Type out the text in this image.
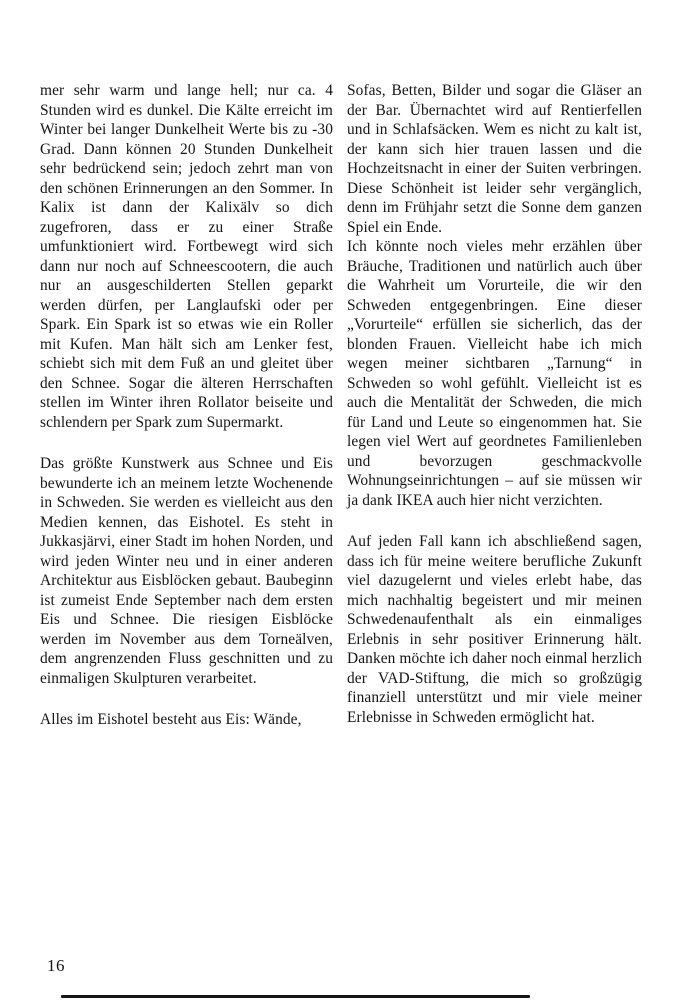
mer sehr warm und lange hell; nur ca. 4 Stunden wird es dunkel. Die Kälte erreicht im Winter bei langer Dunkelheit Werte bis zu -30 Grad. Dann können 20 Stunden Dunkelheit sehr bedrückend sein; jedoch zehrt man von den schönen Erinnerungen an den Sommer. In Kalix ist dann der Kalixälv so dich zugefroren, dass er zu einer Straße umfunktioniert wird. Fortbewegt wird sich dann nur noch auf Schneescootern, die auch nur an ausgeschilderten Stellen geparkt werden dürfen, per Langlaufski oder per Spark. Ein Spark ist so etwas wie ein Roller mit Kufen. Man hält sich am Lenker fest, schiebt sich mit dem Fuß an und gleitet über den Schnee. Sogar die älteren Herrschaften stellen im Winter ihren Rollator beiseite und schlendern per Spark zum Supermarkt.

Das größte Kunstwerk aus Schnee und Eis bewunderte ich an meinem letzte Wochenende in Schweden. Sie werden es vielleicht aus den Medien kennen, das Eishotel. Es steht in Jukkasjärvi, einer Stadt im hohen Norden, und wird jeden Winter neu und in einer anderen Architektur aus Eisblöcken gebaut. Baubeginn ist zumeist Ende September nach dem ersten Eis und Schnee. Die riesigen Eisblöcke werden im November aus dem Torneälven, dem angrenzenden Fluss geschnitten und zu einmaligen Skulpturen verarbeitet.

Alles im Eishotel besteht aus Eis: Wände,

Sofas, Betten, Bilder und sogar die Gläser an der Bar. Übernachtet wird auf Rentierfellen und in Schlafsäcken. Wem es nicht zu kalt ist, der kann sich hier trauen lassen und die Hochzeitsnacht in einer der Suiten verbringen. Diese Schönheit ist leider sehr vergänglich, denn im Frühjahr setzt die Sonne dem ganzen Spiel ein Ende.

Ich könnte noch vieles mehr erzählen über Bräuche, Traditionen und natürlich auch über die Wahrheit um Vorurteile, die wir den Schweden entgegenbringen. Eine dieser „Vorurteile“ erfüllen sie sicherlich, das der blonden Frauen. Vielleicht habe ich mich wegen meiner sichtbaren „Tarnung“ in Schweden so wohl gefühlt. Vielleicht ist es auch die Mentalität der Schweden, die mich für Land und Leute so eingenommen hat. Sie legen viel Wert auf geordnetes Familienleben und bevorzugen geschmackvolle Wohnungseinrichtungen – auf sie müssen wir ja dank IKEA auch hier nicht verzichten.

Auf jeden Fall kann ich abschließend sagen, dass ich für meine weitere berufliche Zukunft viel dazugelernt und vieles erlebt habe, das mich nachhaltig begeistert und mir meinen Schwedenaufenthalt als ein einmaliges Erlebnis in sehr positiver Erinnerung hält. Danken möchte ich daher noch einmal herzlich der VAD-Stiftung, die mich so großzügig finanziell unterstützt und mir viele meiner Erlebnisse in Schweden ermöglicht hat.

16
